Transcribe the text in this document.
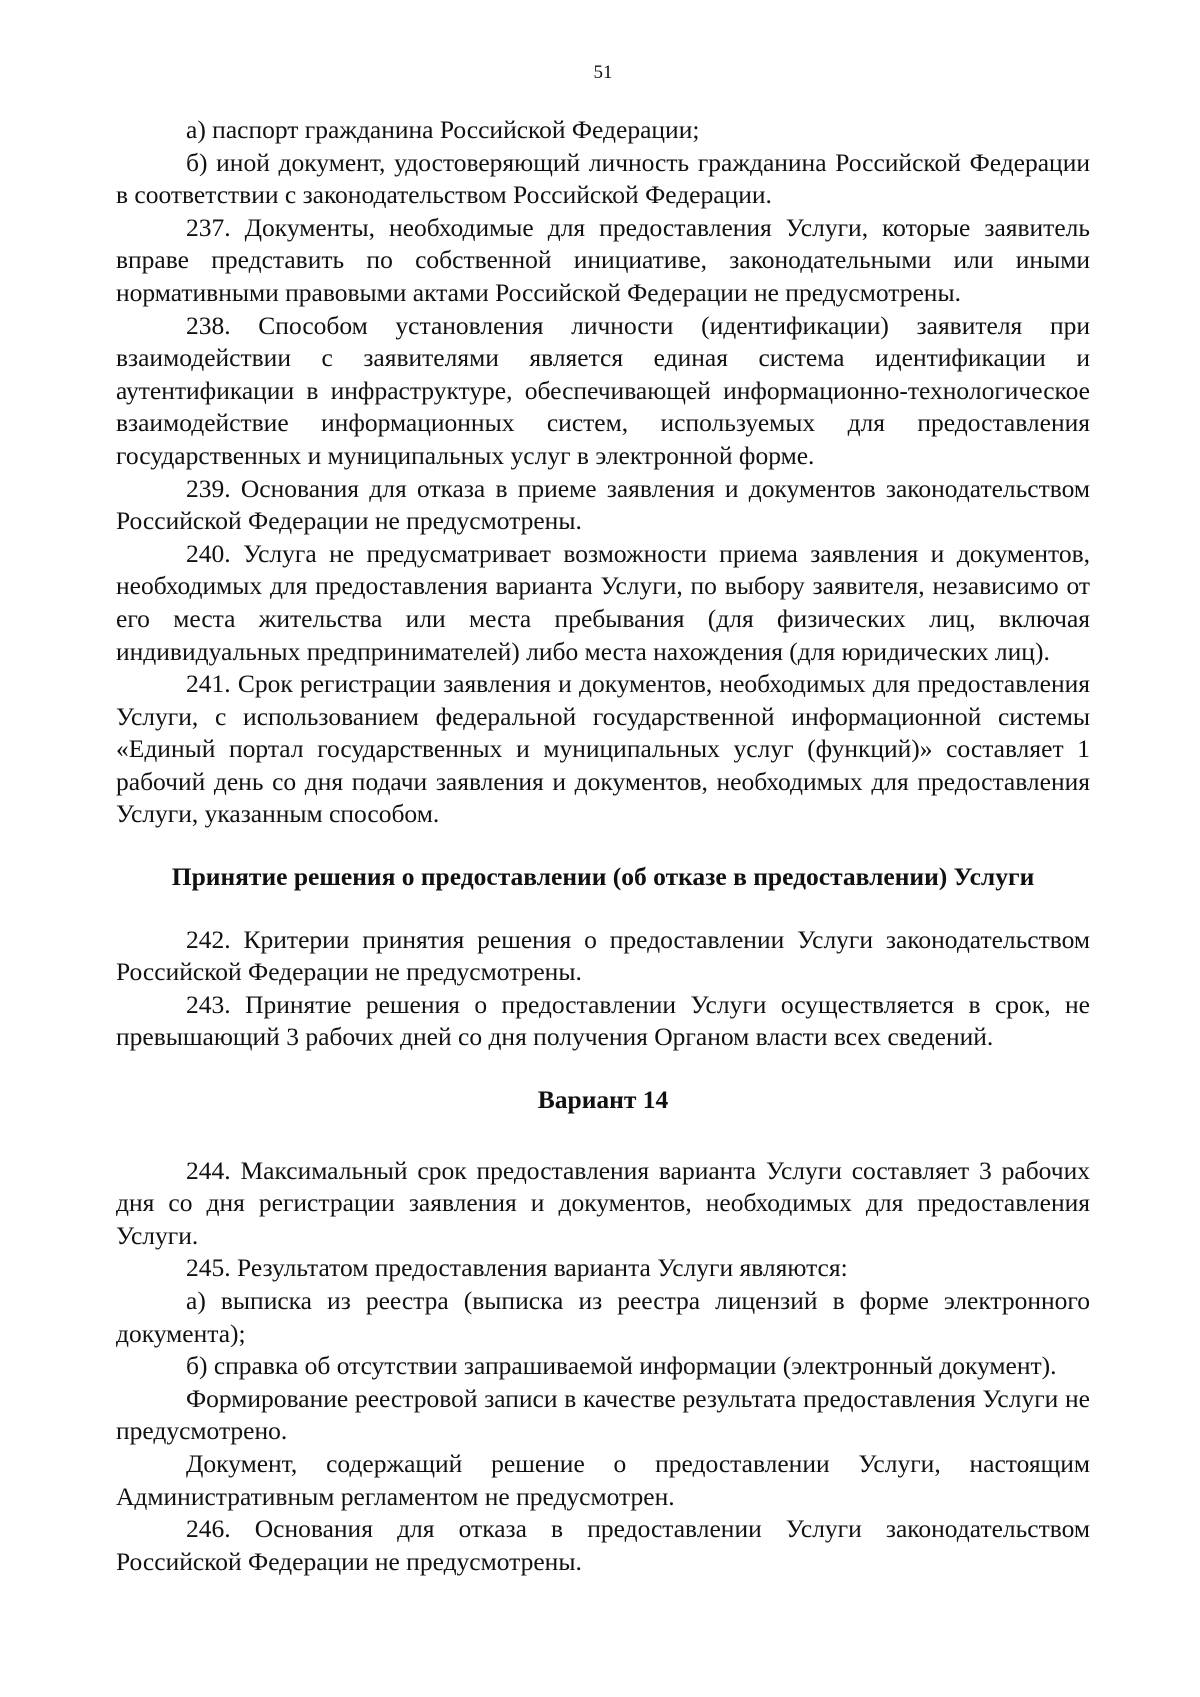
51

а) паспорт гражданина Российской Федерации;

б) иной документ, удостоверяющий личность гражданина Российской Федерации в соответствии с законодательством Российской Федерации.

237. Документы, необходимые для предоставления Услуги, которые заявитель вправе представить по собственной инициативе, законодательными или иными нормативными правовыми актами Российской Федерации не предусмотрены.

238. Способом установления личности (идентификации) заявителя при взаимодействии с заявителями является единая система идентификации и аутентификации в инфраструктуре, обеспечивающей информационно-технологическое взаимодействие информационных систем, используемых для предоставления государственных и муниципальных услуг в электронной форме.

239. Основания для отказа в приеме заявления и документов законодательством Российской Федерации не предусмотрены.

240. Услуга не предусматривает возможности приема заявления и документов, необходимых для предоставления варианта Услуги, по выбору заявителя, независимо от его места жительства или места пребывания (для физических лиц, включая индивидуальных предпринимателей) либо места нахождения (для юридических лиц).

241. Срок регистрации заявления и документов, необходимых для предоставления Услуги, с использованием федеральной государственной информационной системы «Единый портал государственных и муниципальных услуг (функций)» составляет 1 рабочий день со дня подачи заявления и документов, необходимых для предоставления Услуги, указанным способом.

Принятие решения о предоставлении (об отказе в предоставлении) Услуги

242. Критерии принятия решения о предоставлении Услуги законодательством Российской Федерации не предусмотрены.

243. Принятие решения о предоставлении Услуги осуществляется в срок, не превышающий 3 рабочих дней со дня получения Органом власти всех сведений.

Вариант 14

244. Максимальный срок предоставления варианта Услуги составляет 3 рабочих дня со дня регистрации заявления и документов, необходимых для предоставления Услуги.

245. Результатом предоставления варианта Услуги являются:

а) выписка из реестра (выписка из реестра лицензий в форме электронного документа);

б) справка об отсутствии запрашиваемой информации (электронный документ).

Формирование реестровой записи в качестве результата предоставления Услуги не предусмотрено.

Документ, содержащий решение о предоставлении Услуги, настоящим Административным регламентом не предусмотрен.

246. Основания для отказа в предоставлении Услуги законодательством Российской Федерации не предусмотрены.
